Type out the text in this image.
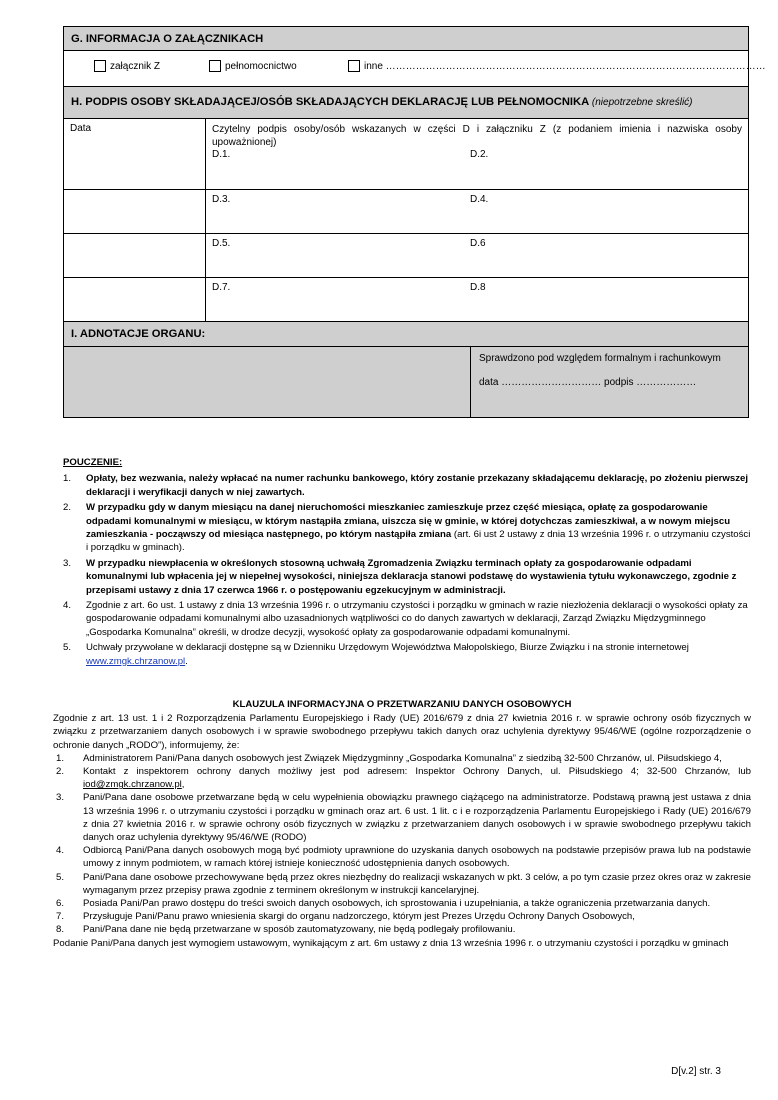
G. INFORMACJA O ZAŁĄCZNIKACH		

załącznik Z pełnomocnictwo inne ……………………………………………………………………………………………………		

H. PODPIS OSOBY SKŁADAJĄCEJ/OSÓB SKŁADAJĄCYCH DEKLARACJĘ LUB PEŁNOMOCNIKA (niepotrzebne skreślić)		
Data	Czytelny podpis osoby/osób wskazanych w części D i załączniku Z (z podaniem imienia i nazwiska osoby upoważnionej)
D.1. D.2.	

	D.3. D.4.	

	D.5. D.6	

	D.7. D.8	

I. ADNOTACJE ORGANU:		

		Sprawdzono pod względem formalnym i rachunkowym
data ………………………… podpis ………………
POUCZENIE:
1. Opłaty, bez wezwania, należy wpłacać na numer rachunku bankowego, który zostanie przekazany składającemu deklarację, po złożeniu pierwszej deklaracji i weryfikacji danych w niej zawartych.
2. W przypadku gdy w danym miesiącu na danej nieruchomości mieszkaniec zamieszkuje przez część miesiąca, opłatę za gospodarowanie odpadami komunalnymi w miesiącu, w którym nastąpiła zmiana, uiszcza się w gminie, w której dotychczas zamieszkiwał, a w nowym miejscu zamieszkania - począwszy od miesiąca następnego, po którym nastąpiła zmiana (art. 6i ust 2 ustawy z dnia 13 września 1996 r. o utrzymaniu czystości i porządku w gminach).
3. W przypadku niewpłacenia w określonych stosowną uchwałą Zgromadzenia Związku terminach opłaty za gospodarowanie odpadami komunalnymi lub wpłacenia jej w niepełnej wysokości, niniejsza deklaracja stanowi podstawę do wystawienia tytułu wykonawczego, zgodnie z przepisami ustawy z dnia 17 czerwca 1966 r. o postępowaniu egzekucyjnym w administracji.
4. Zgodnie z art. 6o ust. 1 ustawy z dnia 13 września 1996 r. o utrzymaniu czystości i porządku w gminach w razie niezłożenia deklaracji o wysokości opłaty za gospodarowanie odpadami komunalnymi albo uzasadnionych wątpliwości co do danych zawartych w deklaracji, Zarząd Związku Międzygminnego „Gospodarka Komunalna” określi, w drodze decyzji, wysokość opłaty za gospodarowanie odpadami komunalnymi.
5. Uchwały przywołane w deklaracji dostępne są w Dzienniku Urzędowym Województwa Małopolskiego, Biurze Związku i na stronie internetowej www.zmgk.chrzanow.pl.
KLAUZULA INFORMACYJNA O PRZETWARZANIU DANYCH OSOBOWYCH
Zgodnie z art. 13 ust. 1 i 2 Rozporządzenia Parlamentu Europejskiego i Rady (UE) 2016/679 z dnia 27 kwietnia 2016 r. w sprawie ochrony osób fizycznych w związku z przetwarzaniem danych osobowych i w sprawie swobodnego przepływu takich danych oraz uchylenia dyrektywy 95/46/WE (ogólne rozporządzenie o ochronie danych „RODO”), informujemy, że:
1. Administratorem Pani/Pana danych osobowych jest Związek Międzygminny „Gospodarka Komunalna” z siedzibą 32-500 Chrzanów, ul. Piłsudskiego 4,
2. Kontakt z inspektorem ochrony danych możliwy jest pod adresem: Inspektor Ochrony Danych, ul. Piłsudskiego 4; 32-500 Chrzanów, lub iod@zmgk.chrzanow.pl,
3. Pani/Pana dane osobowe przetwarzane będą w celu wypełnienia obowiązku prawnego ciążącego na administratorze. Podstawą prawną jest ustawa z dnia 13 września 1996 r. o utrzymaniu czystości i porządku w gminach oraz art. 6 ust. 1 lit. c i e rozporządzenia Parlamentu Europejskiego i Rady (UE) 2016/679 z dnia 27 kwietnia 2016 r. w sprawie ochrony osób fizycznych w związku z przetwarzaniem danych osobowych i w sprawie swobodnego przepływu takich danych oraz uchylenia dyrektywy 95/46/WE (RODO)
4. Odbiorcą Pani/Pana danych osobowych mogą być podmioty uprawnione do uzyskania danych osobowych na podstawie przepisów prawa lub na podstawie umowy z innym podmiotem, w ramach której istnieje konieczność udostępnienia danych osobowych.
5. Pani/Pana dane osobowe przechowywane będą przez okres niezbędny do realizacji wskazanych w pkt. 3 celów, a po tym czasie przez okres oraz w zakresie wymaganym przez przepisy prawa zgodnie z terminem określonym w instrukcji kancelaryjnej.
6. Posiada Pani/Pan prawo dostępu do treści swoich danych osobowych, ich sprostowania i uzupełniania, a także ograniczenia przetwarzania danych.
7. Przysługuje Pani/Panu prawo wniesienia skargi do organu nadzorczego, którym jest Prezes Urzędu Ochrony Danych Osobowych,
8. Pani/Pana dane nie będą przetwarzane w sposób zautomatyzowany, nie będą podlegały profilowaniu.
Podanie Pani/Pana danych jest wymogiem ustawowym, wynikającym z art. 6m ustawy z dnia 13 września 1996 r. o utrzymaniu czystości i porządku w gminach
D[v.2] str. 3
